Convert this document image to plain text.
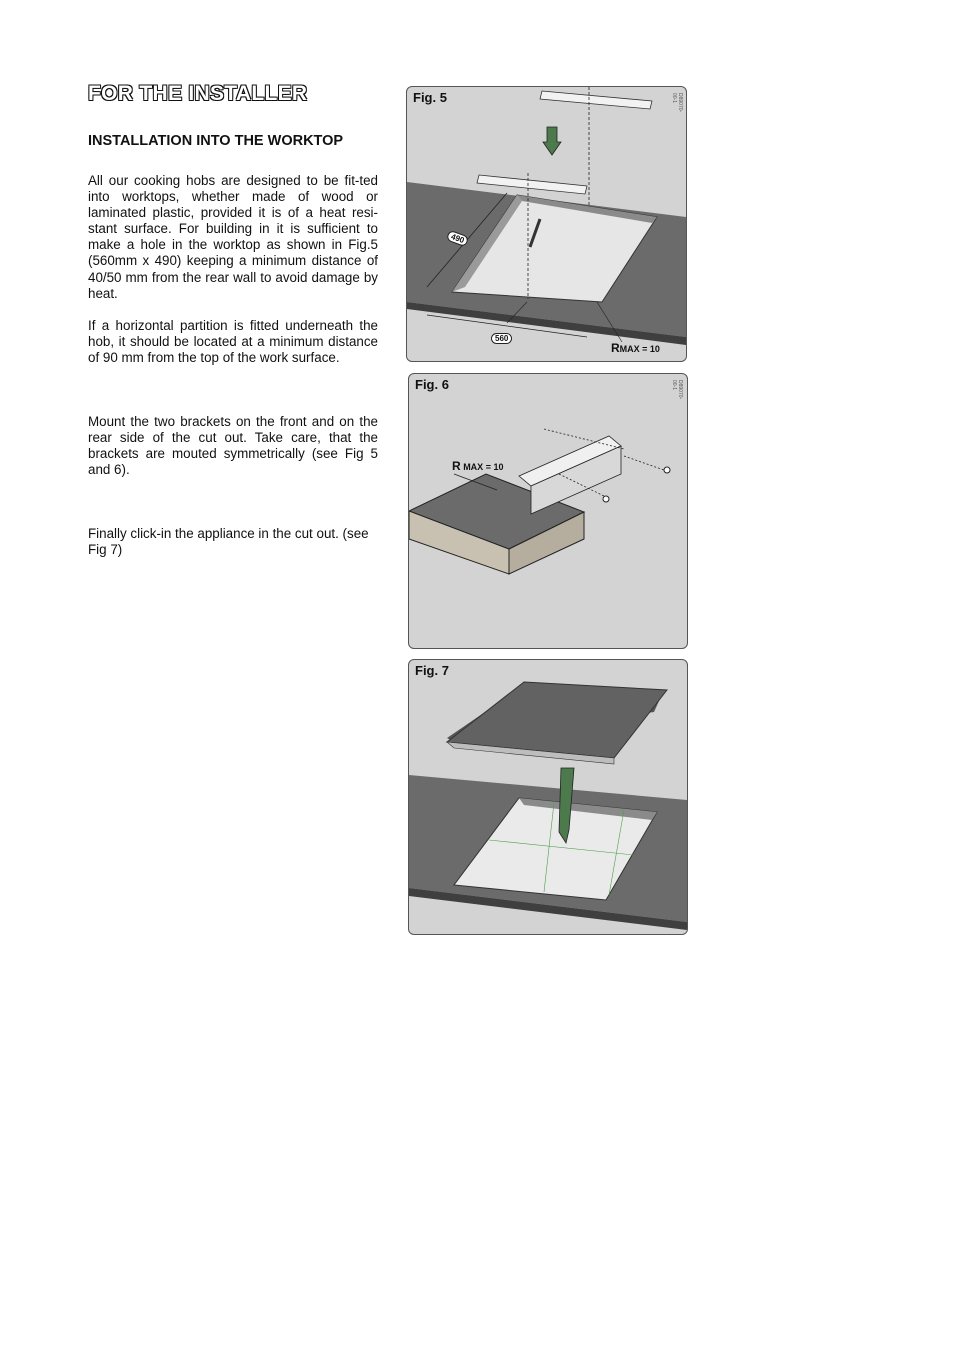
FOR THE INSTALLER
INSTALLATION INTO THE WORKTOP

All our cooking hobs are designed to be fit-ted into worktops, whether made of wood or laminated plastic, provided it is of a heat resi-stant surface. For building in it is sufficient to make a hole in the worktop as shown in Fig.5 (560mm x 490) keeping a minimum distance of 40/50 mm from the rear wall to avoid damage by heat.

If a horizontal partition is fitted underneath the hob, it should be located at a minimum distance of 90 mm from the top of the work surface.

Mount the two brackets on the front and on the rear side of the cut out. Take care, that the brackets are mouted symmetrically (see Fig 5 and 6).

Finally click-in the appliance in the cut out. (see Fig 7)

Fig. 5	D89070-00-1
490
560
RMAX = 10
Fig. 6	D89070-00-1
R MAX = 10
Fig. 7
